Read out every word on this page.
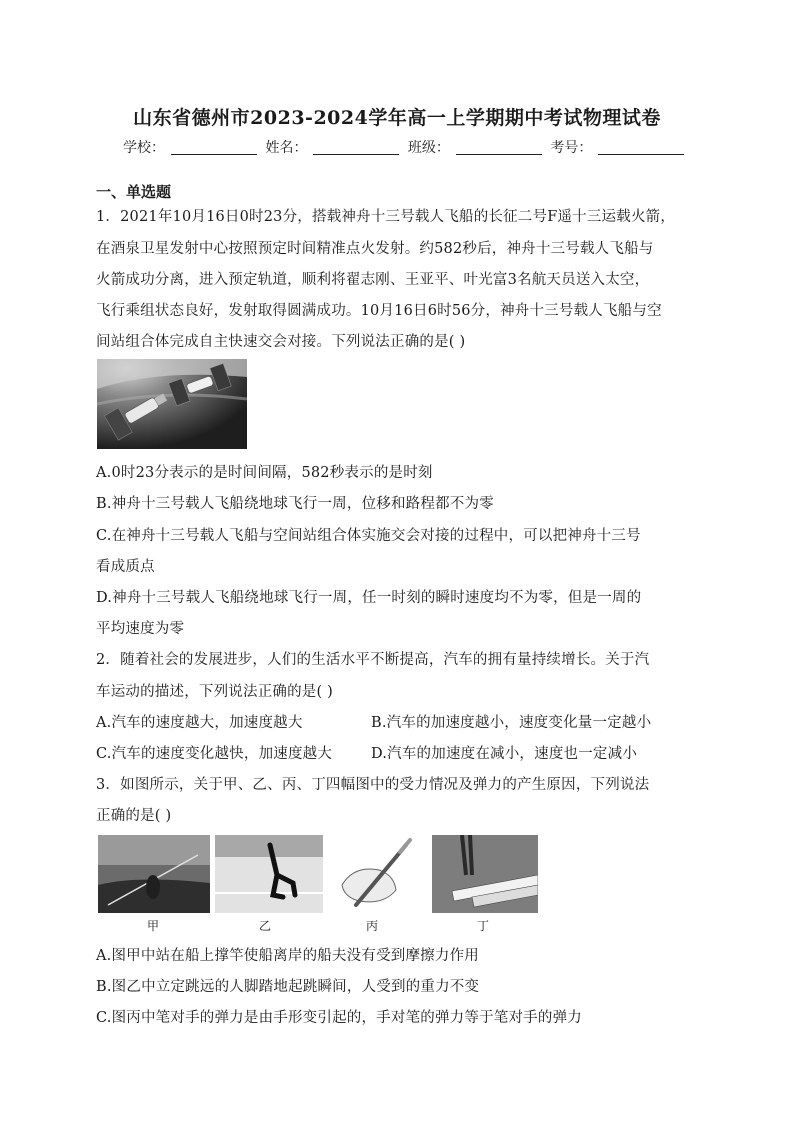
山东省德州市2023-2024学年高一上学期期中考试物理试卷
学校：	姓名：	班级：	考号：
一、单选题
1．2021年10月16日0时23分，搭载神舟十三号载人飞船的长征二号F遥十三运载火箭，
在酒泉卫星发射中心按照预定时间精准点火发射。约582秒后，神舟十三号载人飞船与
火箭成功分离，进入预定轨道，顺利将翟志刚、王亚平、叶光富3名航天员送入太空，
飞行乘组状态良好，发射取得圆满成功。10月16日6时56分，神舟十三号载人飞船与空
间站组合体完成自主快速交会对接。下列说法正确的是( )
A.0时23分表示的是时间间隔，582秒表示的是时刻
B.神舟十三号载人飞船绕地球飞行一周，位移和路程都不为零
C.在神舟十三号载人飞船与空间站组合体实施交会对接的过程中，可以把神舟十三号
看成质点
D.神舟十三号载人飞船绕地球飞行一周，任一时刻的瞬时速度均不为零，但是一周的
平均速度为零
2．随着社会的发展进步，人们的生活水平不断提高，汽车的拥有量持续增长。关于汽
车运动的描述，下列说法正确的是( )
A.汽车的速度越大，加速度越大	B.汽车的加速度越小，速度变化量一定越小
C.汽车的速度变化越快，加速度越大	D.汽车的加速度在减小，速度也一定减小
3．如图所示，关于甲、乙、丙、丁四幅图中的受力情况及弹力的产生原因，下列说法
正确的是( )
甲	乙	丙	丁
A.图甲中站在船上撑竿使船离岸的船夫没有受到摩擦力作用
B.图乙中立定跳远的人脚踏地起跳瞬间，人受到的重力不变
C.图丙中笔对手的弹力是由手形变引起的，手对笔的弹力等于笔对手的弹力
